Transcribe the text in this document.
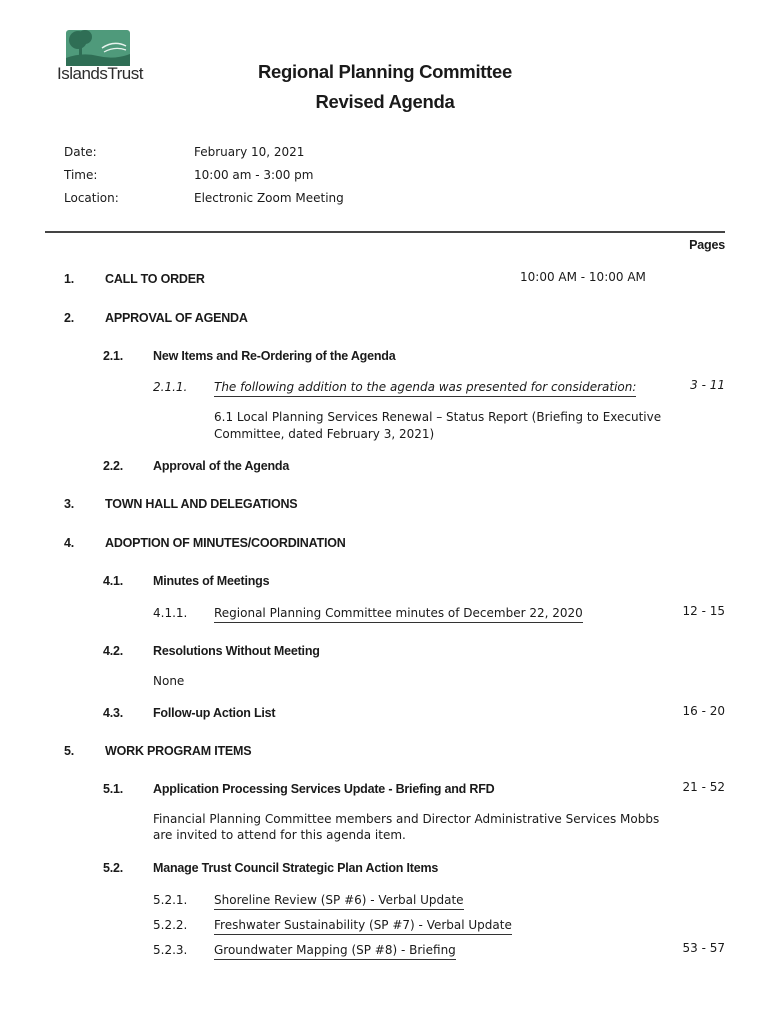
IslandsTrust	Regional Planning Committee
Revised Agenda
Date:	February 10, 2021
Time:	10:00 am - 3:00 pm
Location:	Electronic Zoom Meeting
Pages
1. CALL TO ORDER	10:00 AM - 10:00 AM
2. APPROVAL OF AGENDA
2.1. New Items and Re-Ordering of the Agenda
2.1.1. The following addition to the agenda was presented for consideration:	3 - 11
6.1 Local Planning Services Renewal – Status Report (Briefing to Executive
Committee, dated February 3, 2021)
2.2. Approval of the Agenda
3. TOWN HALL AND DELEGATIONS
4. ADOPTION OF MINUTES/COORDINATION
4.1. Minutes of Meetings
4.1.1. Regional Planning Committee minutes of December 22, 2020	12 - 15
4.2. Resolutions Without Meeting
None
4.3. Follow-up Action List	16 - 20
5. WORK PROGRAM ITEMS
5.1. Application Processing Services Update - Briefing and RFD	21 - 52
Financial Planning Committee members and Director Administrative Services Mobbs
are invited to attend for this agenda item.
5.2. Manage Trust Council Strategic Plan Action Items
5.2.1. Shoreline Review (SP #6) - Verbal Update
5.2.2. Freshwater Sustainability (SP #7) - Verbal Update
5.2.3. Groundwater Mapping (SP #8) - Briefing	53 - 57
